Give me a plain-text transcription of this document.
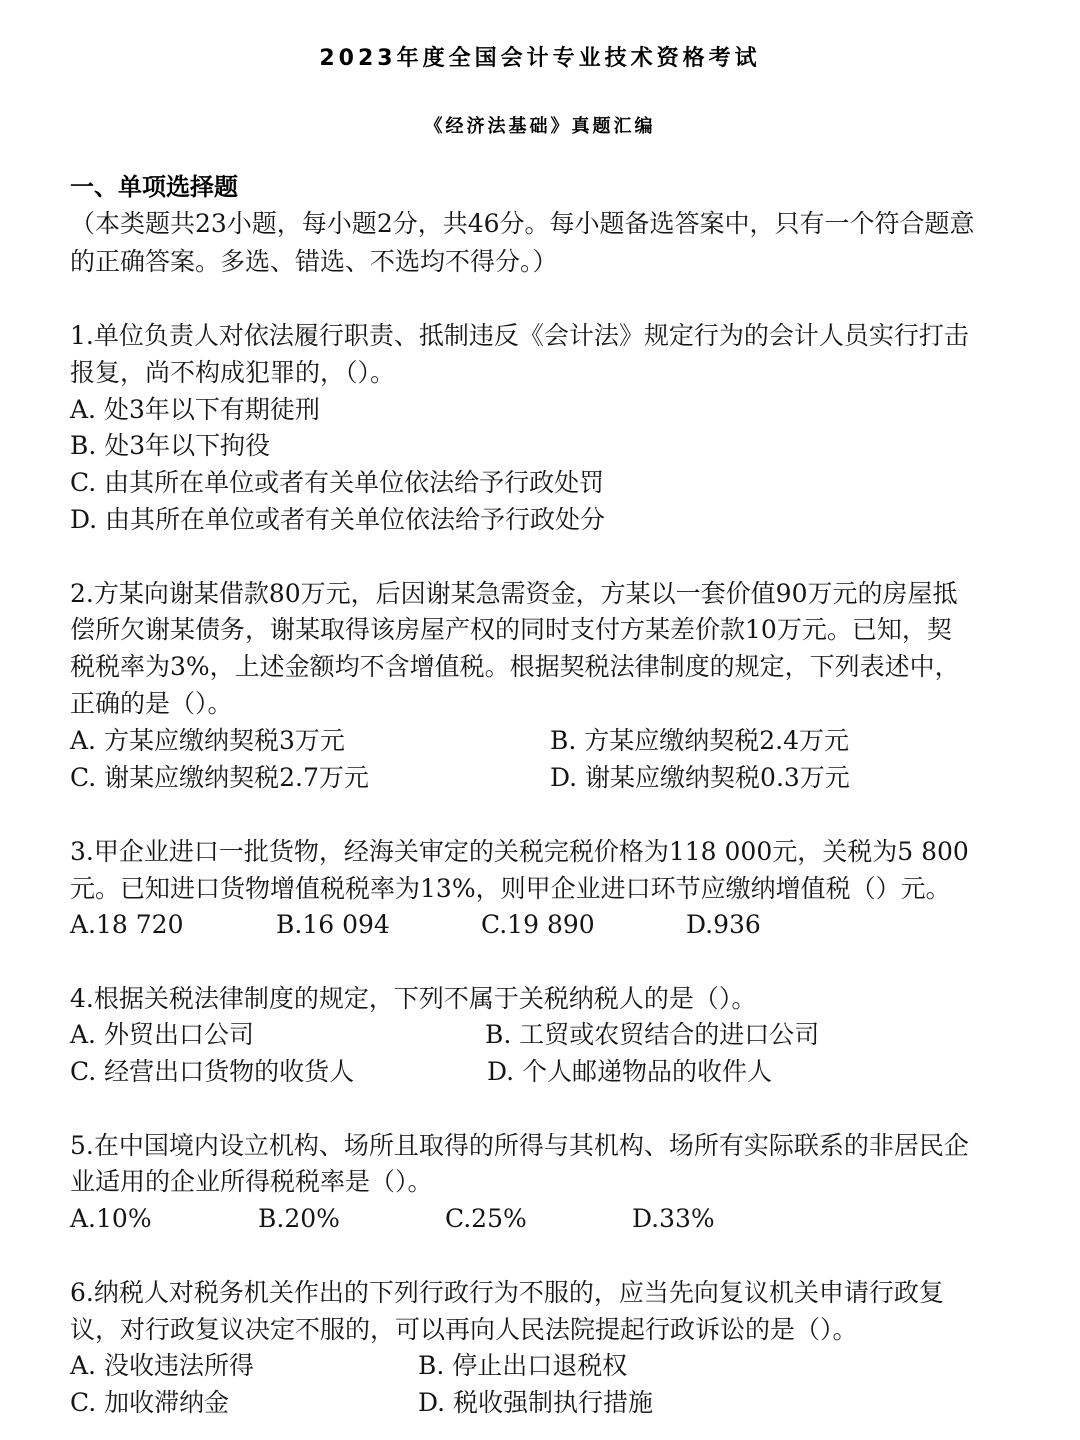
2023年度全国会计专业技术资格考试
《经济法基础》真题汇编
一、单项选择题
（本类题共23小题，每小题2分，共46分。每小题备选答案中，只有一个符合题意
的正确答案。多选、错选、不选均不得分。）
1.单位负责人对依法履行职责、抵制违反《会计法》规定行为的会计人员实行打击
报复，尚不构成犯罪的，（）。
A. 处3年以下有期徒刑
B. 处3年以下拘役
C. 由其所在单位或者有关单位依法给予行政处罚
D. 由其所在单位或者有关单位依法给予行政处分
2.方某向谢某借款80万元，后因谢某急需资金，方某以一套价值90万元的房屋抵
偿所欠谢某债务，谢某取得该房屋产权的同时支付方某差价款10万元。已知，契
税税率为3%，上述金额均不含增值税。根据契税法律制度的规定，下列表述中，
正确的是（）。
A. 方某应缴纳契税3万元	B. 方某应缴纳契税2.4万元
C. 谢某应缴纳契税2.7万元	D. 谢某应缴纳契税0.3万元
3.甲企业进口一批货物，经海关审定的关税完税价格为118 000元，关税为5 800
元。已知进口货物增值税税率为13%，则甲企业进口环节应缴纳增值税（）元。
A.18 720	B.16 094	C.19 890	D.936
4.根据关税法律制度的规定，下列不属于关税纳税人的是（）。
A. 外贸出口公司	B. 工贸或农贸结合的进口公司
C. 经营出口货物的收货人	D. 个人邮递物品的收件人
5.在中国境内设立机构、场所且取得的所得与其机构、场所有实际联系的非居民企
业适用的企业所得税税率是（）。
A.10%	B.20%	C.25%	D.33%
6.纳税人对税务机关作出的下列行政行为不服的，应当先向复议机关申请行政复
议，对行政复议决定不服的，可以再向人民法院提起行政诉讼的是（）。
A. 没收违法所得	B. 停止出口退税权
C. 加收滞纳金	D. 税收强制执行措施
